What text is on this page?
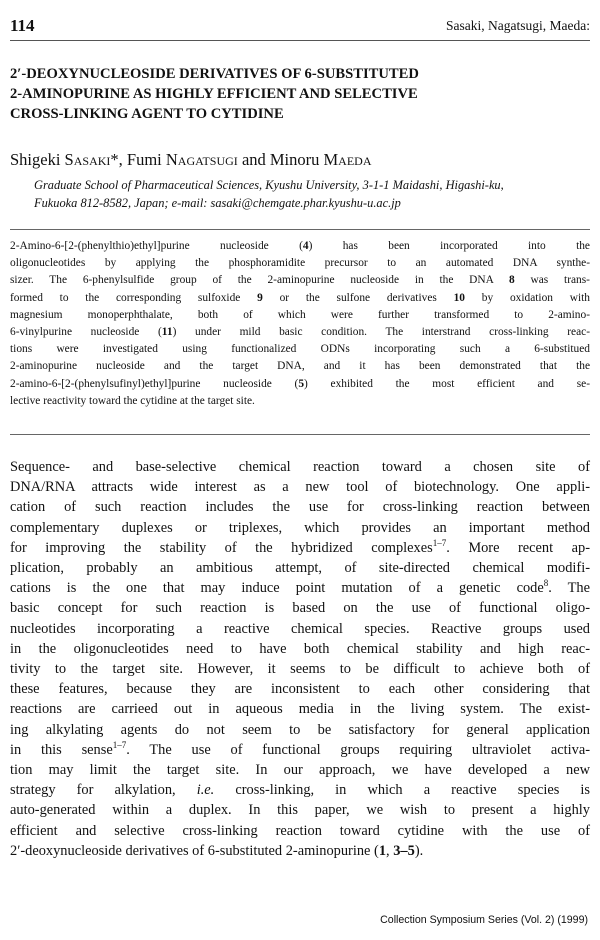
114	Sasaki, Nagatsugi, Maeda:
2′-DEOXYNUCLEOSIDE DERIVATIVES OF 6-SUBSTITUTED
2-AMINOPURINE AS HIGHLY EFFICIENT AND SELECTIVE
CROSS-LINKING AGENT TO CYTIDINE
Shigeki Sasaki*, Fumi Nagatsugi and Minoru Maeda
Graduate School of Pharmaceutical Sciences, Kyushu University, 3-1-1 Maidashi, Higashi-ku,
Fukuoka 812-8582, Japan; e-mail: sasaki@chemgate.phar.kyushu-u.ac.jp
2-Amino-6-[2-(phenylthio)ethyl]purine nucleoside (4) has been incorporated into the
oligonucleotides by applying the phosphoramidite precursor to an automated DNA synthe-
sizer. The 6-phenylsulfide group of the 2-aminopurine nucleoside in the DNA 8 was trans-
formed to the corresponding sulfoxide 9 or the sulfone derivatives 10 by oxidation with
magnesium monoperphthalate, both of which were further transformed to 2-amino-
6-vinylpurine nucleoside (11) under mild basic condition. The interstrand cross-linking reac-
tions were investigated using functionalized ODNs incorporating such a 6-substitued
2-aminopurine nucleoside and the target DNA, and it has been demonstrated that the
2-amino-6-[2-(phenylsufinyl)ethyl]purine nucleoside (5) exhibited the most efficient and se-
lective reactivity toward the cytidine at the target site.
Sequence- and base-selective chemical reaction toward a chosen site of
DNA/RNA attracts wide interest as a new tool of biotechnology. One appli-
cation of such reaction includes the use for cross-linking reaction between
complementary duplexes or triplexes, which provides an important method
for improving the stability of the hybridized complexes$^{1-7}$. More recent ap-
plication, probably an ambitious attempt, of site-directed chemical modifi-
cations is the one that may induce point mutation of a genetic code$^8$. The
basic concept for such reaction is based on the use of functional oligo-
nucleotides incorporating a reactive chemical species. Reactive groups used
in the oligonucleotides need to have both chemical stability and high reac-
tivity to the target site. However, it seems to be difficult to achieve both of
these features, because they are inconsistent to each other considering that
reactions are carrieed out in aqueous media in the living system. The exist-
ing alkylating agents do not seem to be satisfactory for general application
in this sense$^{1-7}$. The use of functional groups requiring ultraviolet activa-
tion may limit the target site. In our approach, we have developed a new
strategy for alkylation, i.e. cross-linking, in which a reactive species is
auto-generated within a duplex. In this paper, we wish to present a highly
efficient and selective cross-linking reaction toward cytidine with the use of
2′-deoxynucleoside derivatives of 6-substituted 2-aminopurine (1, 3–5).
Collection Symposium Series (Vol. 2) (1999)
